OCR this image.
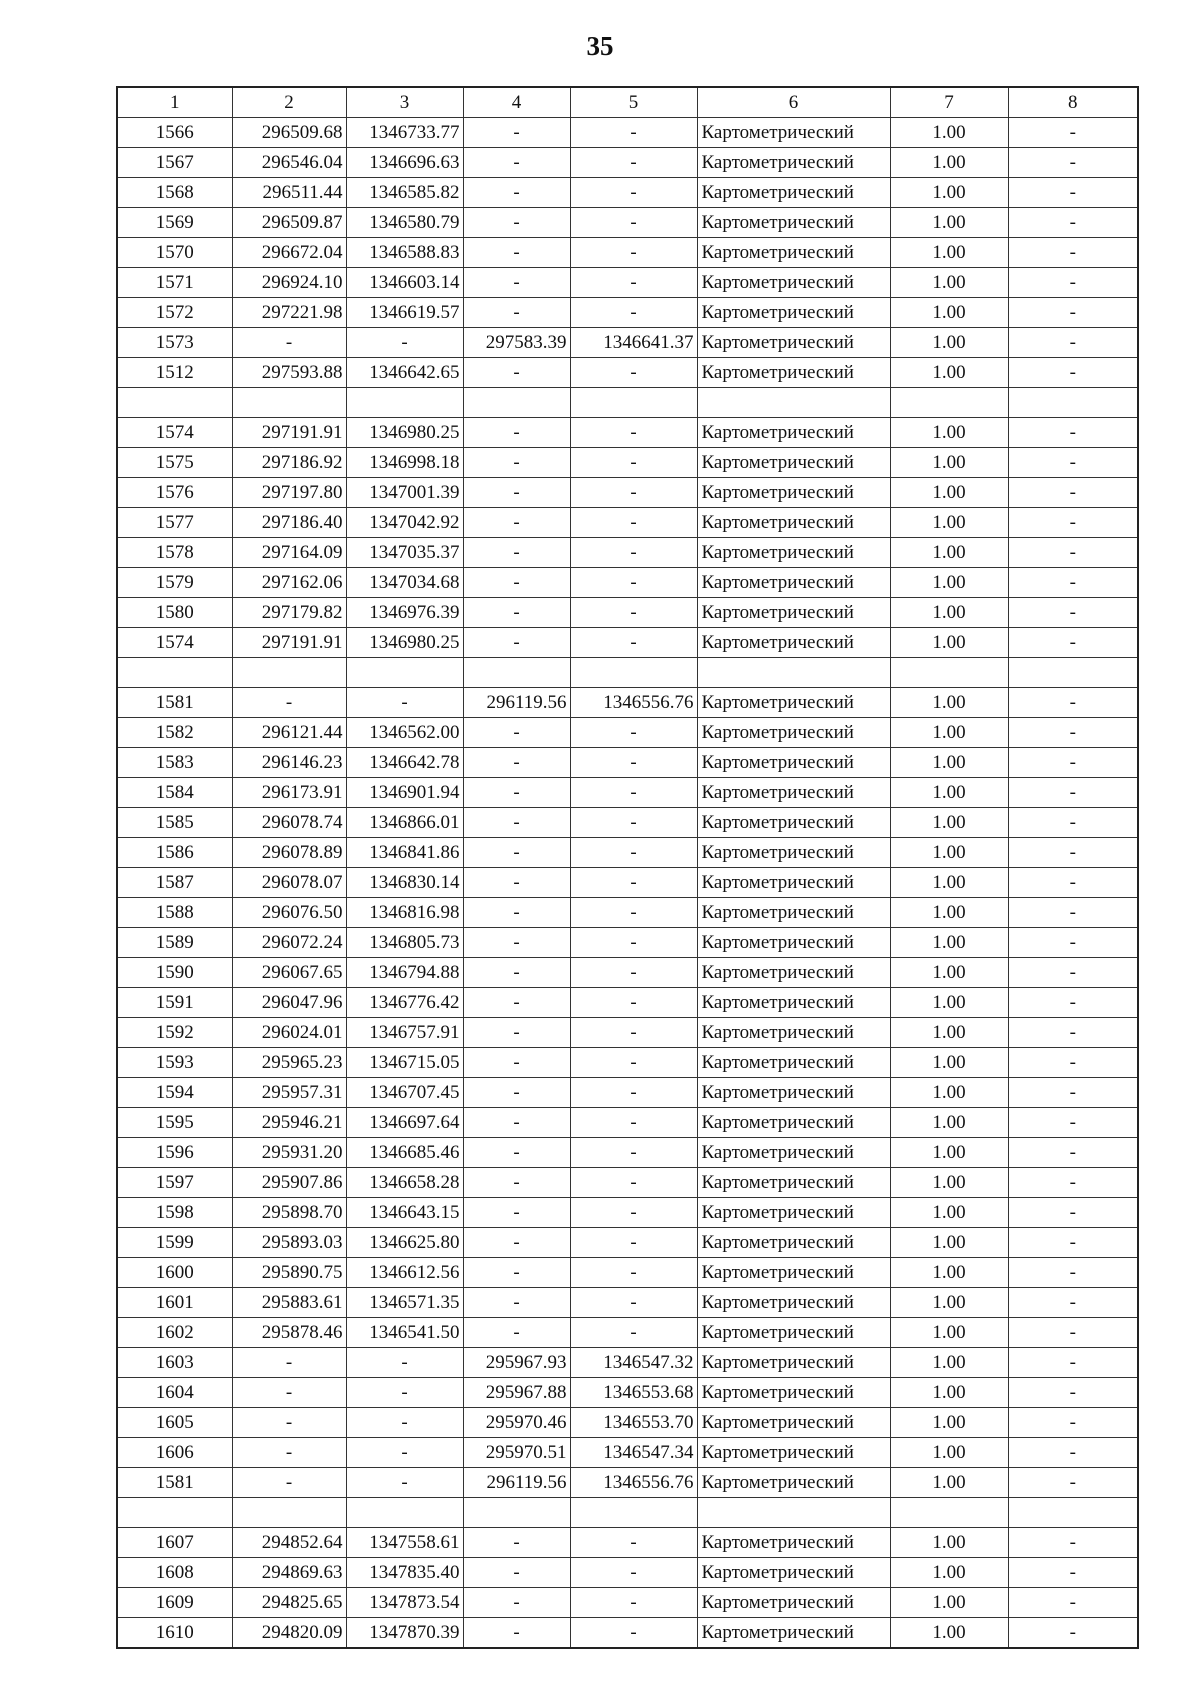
35
1	2	3	4	5	6	7	8
1566	296509.68	1346733.77	-	-	Картометрический	1.00	-
1567	296546.04	1346696.63	-	-	Картометрический	1.00	-
1568	296511.44	1346585.82	-	-	Картометрический	1.00	-
1569	296509.87	1346580.79	-	-	Картометрический	1.00	-
1570	296672.04	1346588.83	-	-	Картометрический	1.00	-
1571	296924.10	1346603.14	-	-	Картометрический	1.00	-
1572	297221.98	1346619.57	-	-	Картометрический	1.00	-
1573	-	-	297583.39	1346641.37	Картометрический	1.00	-
1512	297593.88	1346642.65	-	-	Картометрический	1.00	-

1574	297191.91	1346980.25	-	-	Картометрический	1.00	-
1575	297186.92	1346998.18	-	-	Картометрический	1.00	-
1576	297197.80	1347001.39	-	-	Картометрический	1.00	-
1577	297186.40	1347042.92	-	-	Картометрический	1.00	-
1578	297164.09	1347035.37	-	-	Картометрический	1.00	-
1579	297162.06	1347034.68	-	-	Картометрический	1.00	-
1580	297179.82	1346976.39	-	-	Картометрический	1.00	-
1574	297191.91	1346980.25	-	-	Картометрический	1.00	-

1581	-	-	296119.56	1346556.76	Картометрический	1.00	-
1582	296121.44	1346562.00	-	-	Картометрический	1.00	-
1583	296146.23	1346642.78	-	-	Картометрический	1.00	-
1584	296173.91	1346901.94	-	-	Картометрический	1.00	-
1585	296078.74	1346866.01	-	-	Картометрический	1.00	-
1586	296078.89	1346841.86	-	-	Картометрический	1.00	-
1587	296078.07	1346830.14	-	-	Картометрический	1.00	-
1588	296076.50	1346816.98	-	-	Картометрический	1.00	-
1589	296072.24	1346805.73	-	-	Картометрический	1.00	-
1590	296067.65	1346794.88	-	-	Картометрический	1.00	-
1591	296047.96	1346776.42	-	-	Картометрический	1.00	-
1592	296024.01	1346757.91	-	-	Картометрический	1.00	-
1593	295965.23	1346715.05	-	-	Картометрический	1.00	-
1594	295957.31	1346707.45	-	-	Картометрический	1.00	-
1595	295946.21	1346697.64	-	-	Картометрический	1.00	-
1596	295931.20	1346685.46	-	-	Картометрический	1.00	-
1597	295907.86	1346658.28	-	-	Картометрический	1.00	-
1598	295898.70	1346643.15	-	-	Картометрический	1.00	-
1599	295893.03	1346625.80	-	-	Картометрический	1.00	-
1600	295890.75	1346612.56	-	-	Картометрический	1.00	-
1601	295883.61	1346571.35	-	-	Картометрический	1.00	-
1602	295878.46	1346541.50	-	-	Картометрический	1.00	-
1603	-	-	295967.93	1346547.32	Картометрический	1.00	-
1604	-	-	295967.88	1346553.68	Картометрический	1.00	-
1605	-	-	295970.46	1346553.70	Картометрический	1.00	-
1606	-	-	295970.51	1346547.34	Картометрический	1.00	-
1581	-	-	296119.56	1346556.76	Картометрический	1.00	-

1607	294852.64	1347558.61	-	-	Картометрический	1.00	-
1608	294869.63	1347835.40	-	-	Картометрический	1.00	-
1609	294825.65	1347873.54	-	-	Картометрический	1.00	-
1610	294820.09	1347870.39	-	-	Картометрический	1.00	-
